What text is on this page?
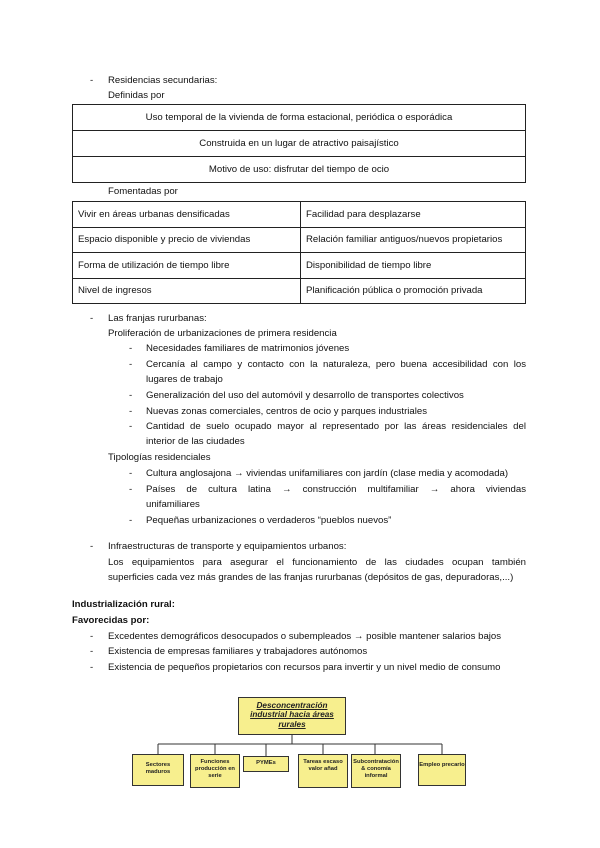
-	Residencias secundarias:
Definidas por
Uso temporal de la vivienda de forma estacional, periódica o esporádica
Construida en un lugar de atractivo paisajístico
Motivo de uso: disfrutar del tiempo de ocio
Fomentadas por
Vivir en áreas urbanas densificadas	Facilidad para desplazarse
Espacio disponible y precio de viviendas	Relación familiar antiguos/nuevos propietarios
Forma de utilización de tiempo libre	Disponibilidad de tiempo libre
Nivel de ingresos	Planificación pública o promoción privada
-	Las franjas rururbanas:
Proliferación de urbanizaciones de primera residencia
-	Necesidades familiares de matrimonios jóvenes
-	Cercanía al campo y contacto con la naturaleza, pero buena accesibilidad con los
lugares de trabajo
-	Generalización del uso del automóvil y desarrollo de transportes colectivos
-	Nuevas zonas comerciales, centros de ocio y parques industriales
-	Cantidad de suelo ocupado mayor al representado por las áreas residenciales del
interior de las ciudades
Tipologías residenciales
-	Cultura anglosajona → viviendas unifamiliares con jardín (clase media y acomodada)
-	Países de cultura latina → construcción multifamiliar → ahora viviendas
unifamiliares
-	Pequeñas urbanizaciones o verdaderos “pueblos nuevos”
-	Infraestructuras de transporte y equipamientos urbanos:
Los equipamientos para asegurar el funcionamiento de las ciudades ocupan también
superficies cada vez más grandes de las franjas rururbanas (depósitos de gas, depuradoras,...)
Industrialización rural:
Favorecidas por:
-	Excedentes demográficos desocupados o subempleados → posible mantener salarios bajos
-	Existencia de empresas familiares y trabajadores autónomos
-	Existencia de pequeños propietarios con recursos para invertir y un nivel medio de consumo
Desconcentración industrial hacia áreas rurales
Sectores maduros
Funciones producción en serie
PYMEs	Tareas escaso valor añad
Subcontratación & conomía informal
Empleo precario
